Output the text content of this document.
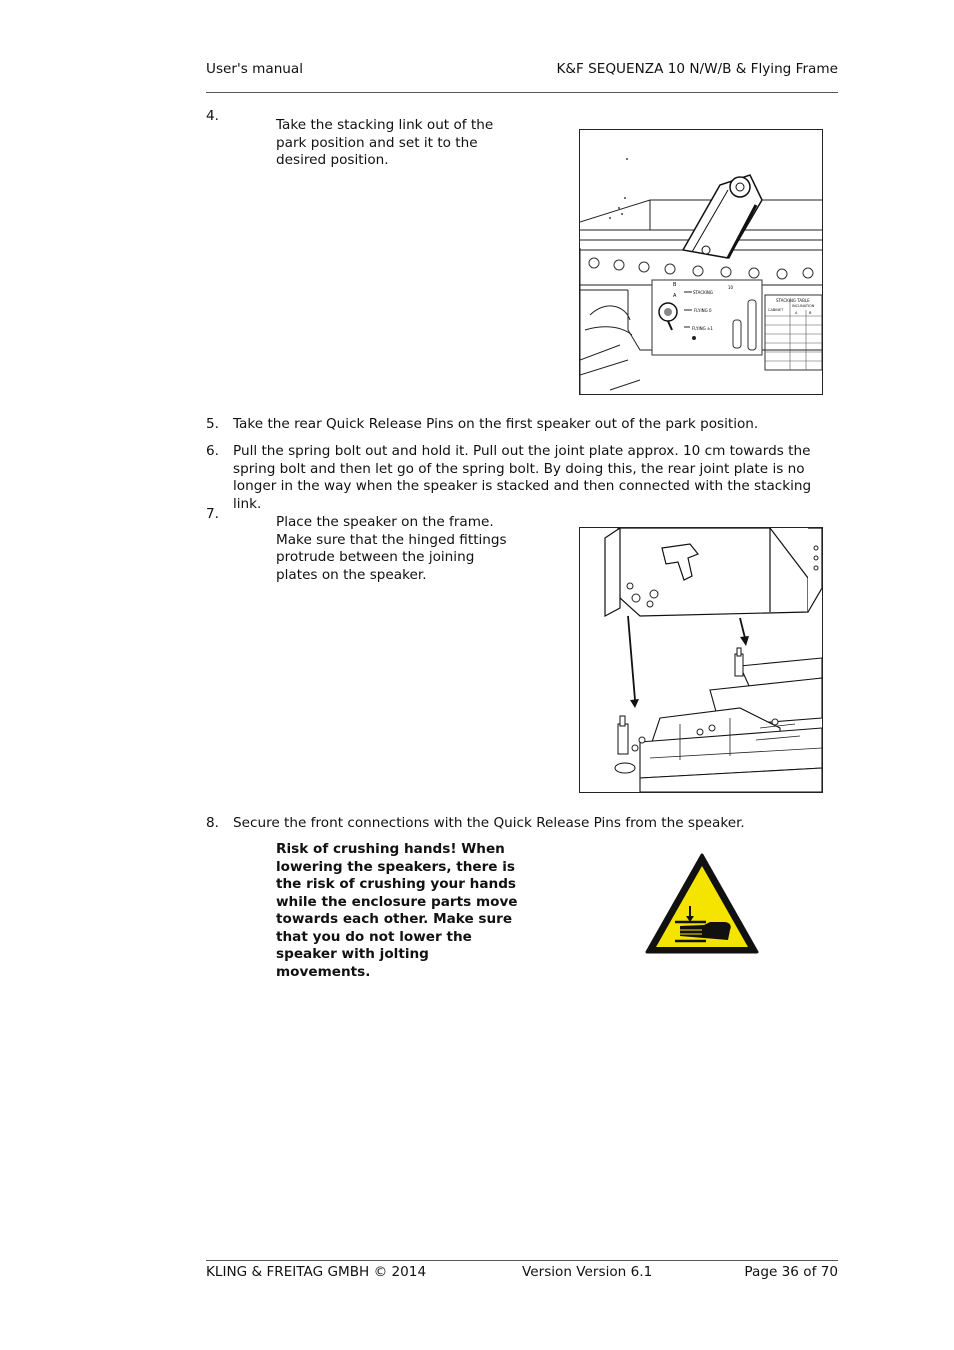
User's manual	K&F SEQUENZA 10 N/W/B & Flying Frame
4.
Take the stacking link out of the park position and set it to the desired position.
B
A
STACKING
10
FLYING 0
FLYING ±1
STACKING TABLE
CABINET
INCLINATION
A	B
5. Take the rear Quick Release Pins on the first speaker out of the park position.
6. Pull the spring bolt out and hold it. Pull out the joint plate approx. 10 cm towards the spring bolt and then let go of the spring bolt. By doing this, the rear joint plate is no longer in the way when the speaker is stacked and then connected with the stacking link.
7.	Place the speaker on the frame. Make sure that the hinged fittings protrude between the joining plates on the speaker.
8. Secure the front connections with the Quick Release Pins from the speaker.
Risk of crushing hands! When lowering the speakers, there is the risk of crushing your hands while the enclosure parts move towards each other. Make sure that you do not lower the speaker with jolting movements.
KLING & FREITAG GMBH © 2014	Version Version 6.1	Page 36 of 70
